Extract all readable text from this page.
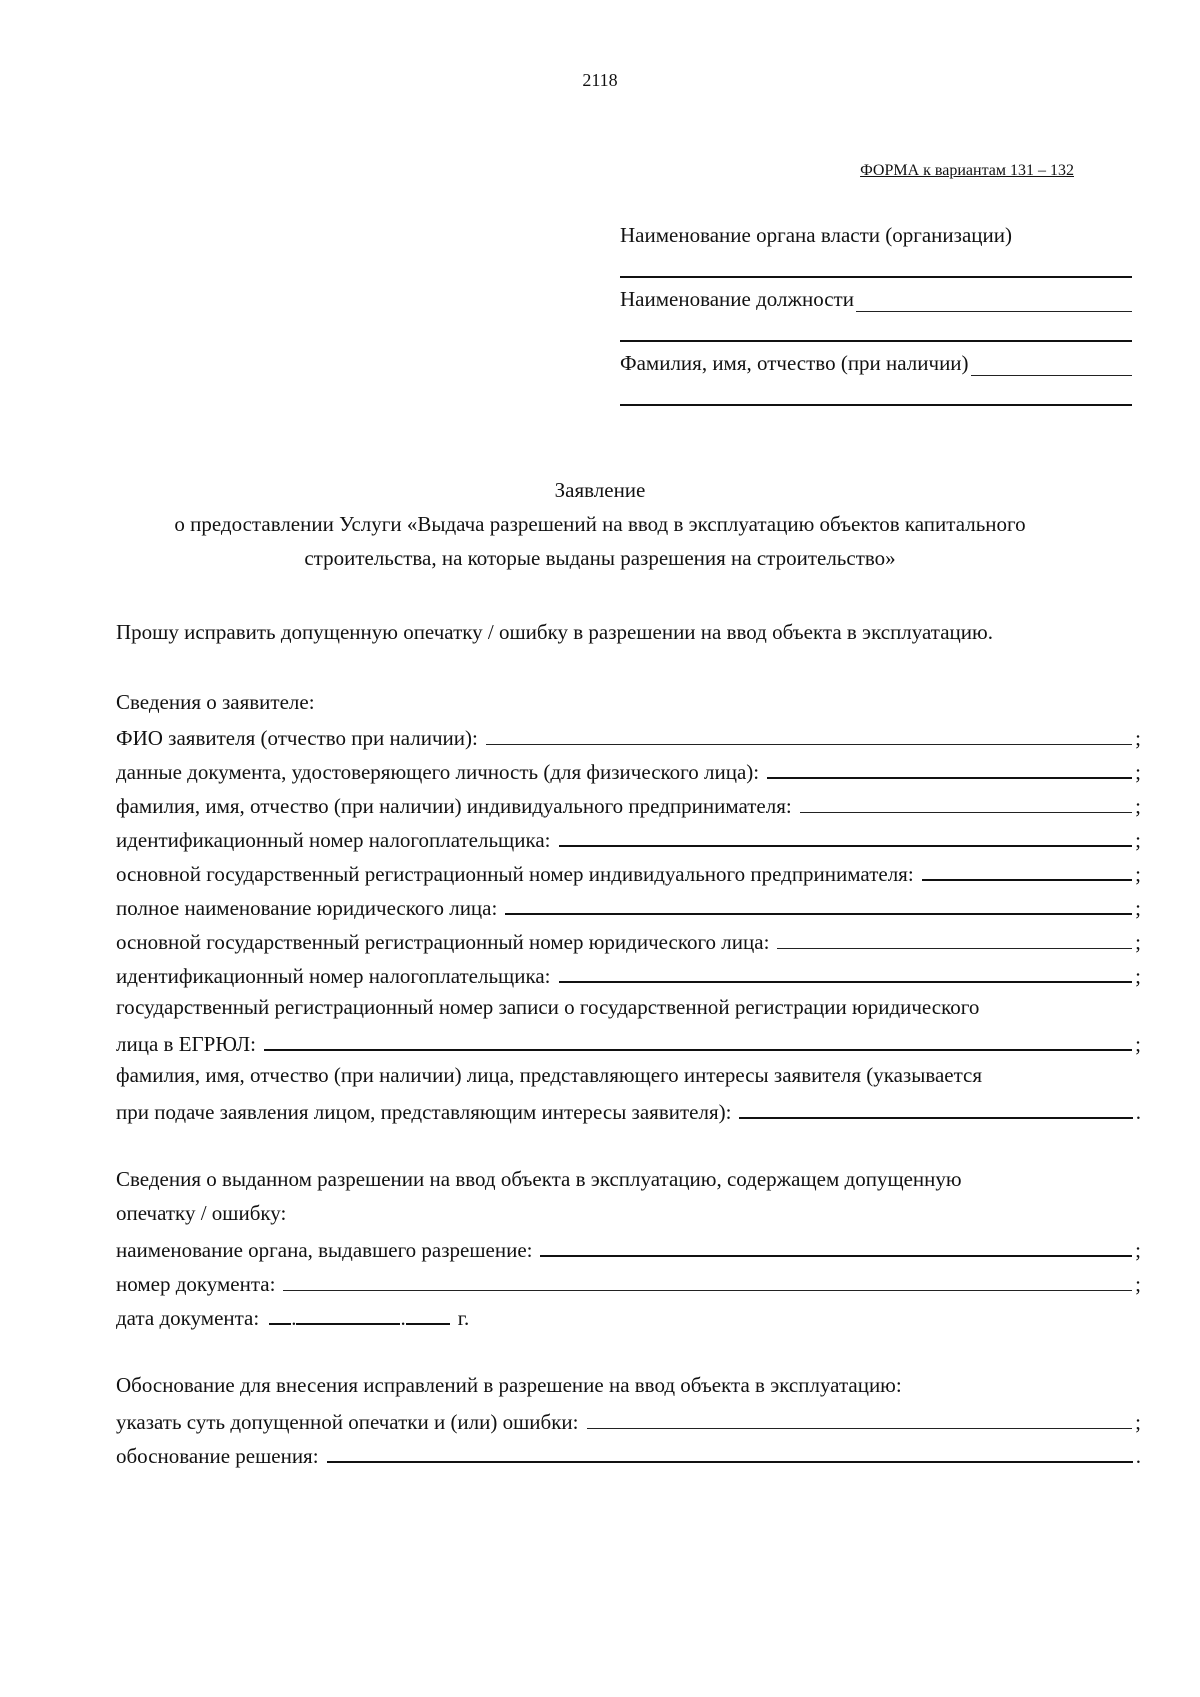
2118
ФОРМА к вариантам 131 – 132
Наименование органа власти (организации)
Наименование должности
Фамилия, имя, отчество (при наличии)
Заявление
о предоставлении Услуги «Выдача разрешений на ввод в эксплуатацию объектов капитального
строительства, на которые выданы разрешения на строительство»
Прошу исправить допущенную опечатку / ошибку в разрешении на ввод объекта в эксплуатацию.
Сведения о заявителе:
ФИО заявителя (отчество при наличии):	;
данные документа, удостоверяющего личность (для физического лица):	;
фамилия, имя, отчество (при наличии) индивидуального предпринимателя:	;
идентификационный номер налогоплательщика:	;
основной государственный регистрационный номер индивидуального предпринимателя:	;
полное наименование юридического лица:	;
основной государственный регистрационный номер юридического лица:	;
идентификационный номер налогоплательщика:	;
государственный регистрационный номер записи о государственной регистрации юридического
лица в ЕГРЮЛ:	;
фамилия, имя, отчество (при наличии) лица, представляющего интересы заявителя (указывается
при подаче заявления лицом, представляющим интересы заявителя):	.
Сведения о выданном разрешении на ввод объекта в эксплуатацию, содержащем допущенную
опечатку / ошибку:
наименование органа, выдавшего разрешение:	;
номер документа:	;
дата документа: .	. г.
Обоснование для внесения исправлений в разрешение на ввод объекта в эксплуатацию:
указать суть допущенной опечатки и (или) ошибки:	;
обоснование решения:	.
